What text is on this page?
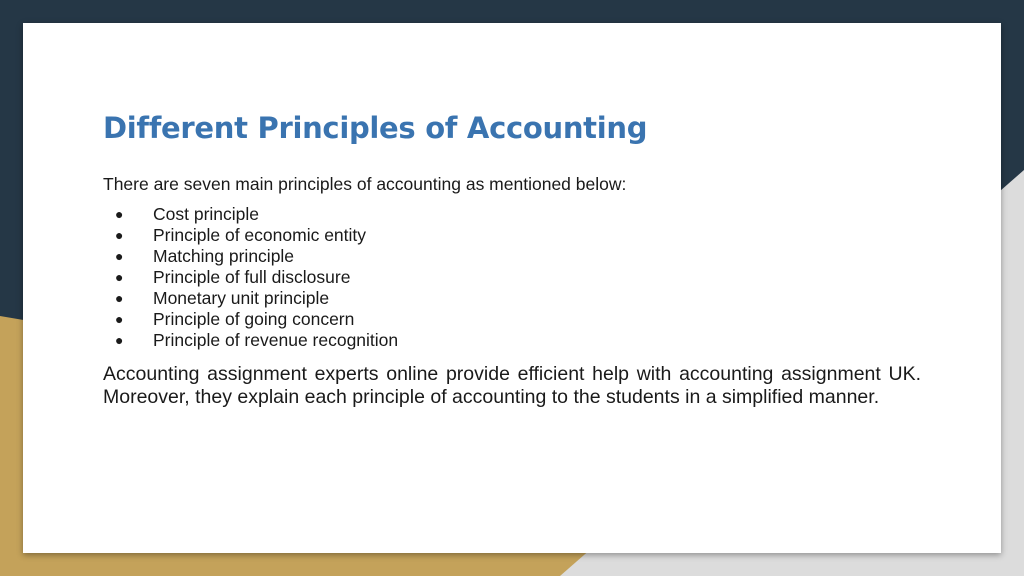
Different Principles of Accounting

There are seven main principles of accounting as mentioned below:

● Cost principle
● Principle of economic entity
● Matching principle
● Principle of full disclosure
● Monetary unit principle
● Principle of going concern
● Principle of revenue recognition

Accounting assignment experts online provide efficient help with accounting assignment UK. Moreover, they explain each principle of accounting to the students in a simplified manner.
